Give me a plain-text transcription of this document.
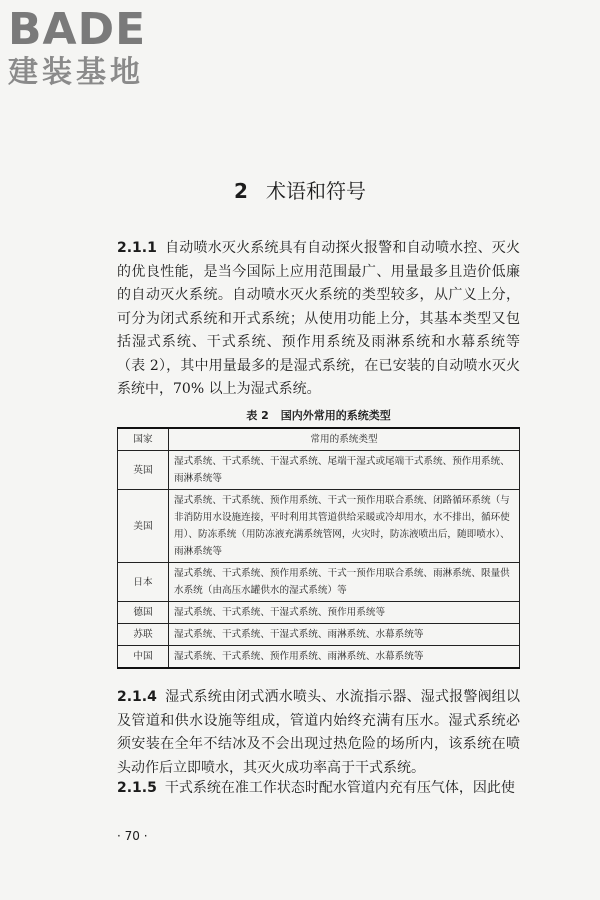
BADE
建装基地
2 术语和符号
2.1.1 自动喷水灭火系统具有自动探火报警和自动喷水控、灭火的优良性能，是当今国际上应用范围最广、用量最多且造价低廉的自动灭火系统。自动喷水灭火系统的类型较多，从广义上分，可分为闭式系统和开式系统；从使用功能上分，其基本类型又包括湿式系统、干式系统、预作用系统及雨淋系统和水幕系统等（表 2），其中用量最多的是湿式系统，在已安装的自动喷水灭火系统中，70% 以上为湿式系统。
表 2 国内外常用的系统类型
国家	常用的系统类型
英国	湿式系统、干式系统、干湿式系统、尾端干湿式或尾端干式系统、预作用系统、雨淋系统等
美国	湿式系统、干式系统、预作用系统、干式一预作用联合系统、闭路循环系统（与非消防用水设施连接，平时利用其管道供给采暖或冷却用水，水不排出，循环使用）、防冻系统（用防冻液充满系统管网，火灾时，防冻液喷出后，随即喷水）、雨淋系统等
日本	湿式系统、干式系统、预作用系统、干式一预作用联合系统、雨淋系统、限量供水系统（由高压水罐供水的湿式系统）等
德国	湿式系统、干式系统、干湿式系统、预作用系统等
苏联	湿式系统、干式系统、干湿式系统、雨淋系统、水幕系统等
中国	湿式系统、干式系统、预作用系统、雨淋系统、水幕系统等
2.1.4 湿式系统由闭式洒水喷头、水流指示器、湿式报警阀组以及管道和供水设施等组成，管道内始终充满有压水。湿式系统必须安装在全年不结冰及不会出现过热危险的场所内，该系统在喷头动作后立即喷水，其灭火成功率高于干式系统。
2.1.5 干式系统在准工作状态时配水管道内充有压气体，因此使
· 70 ·
